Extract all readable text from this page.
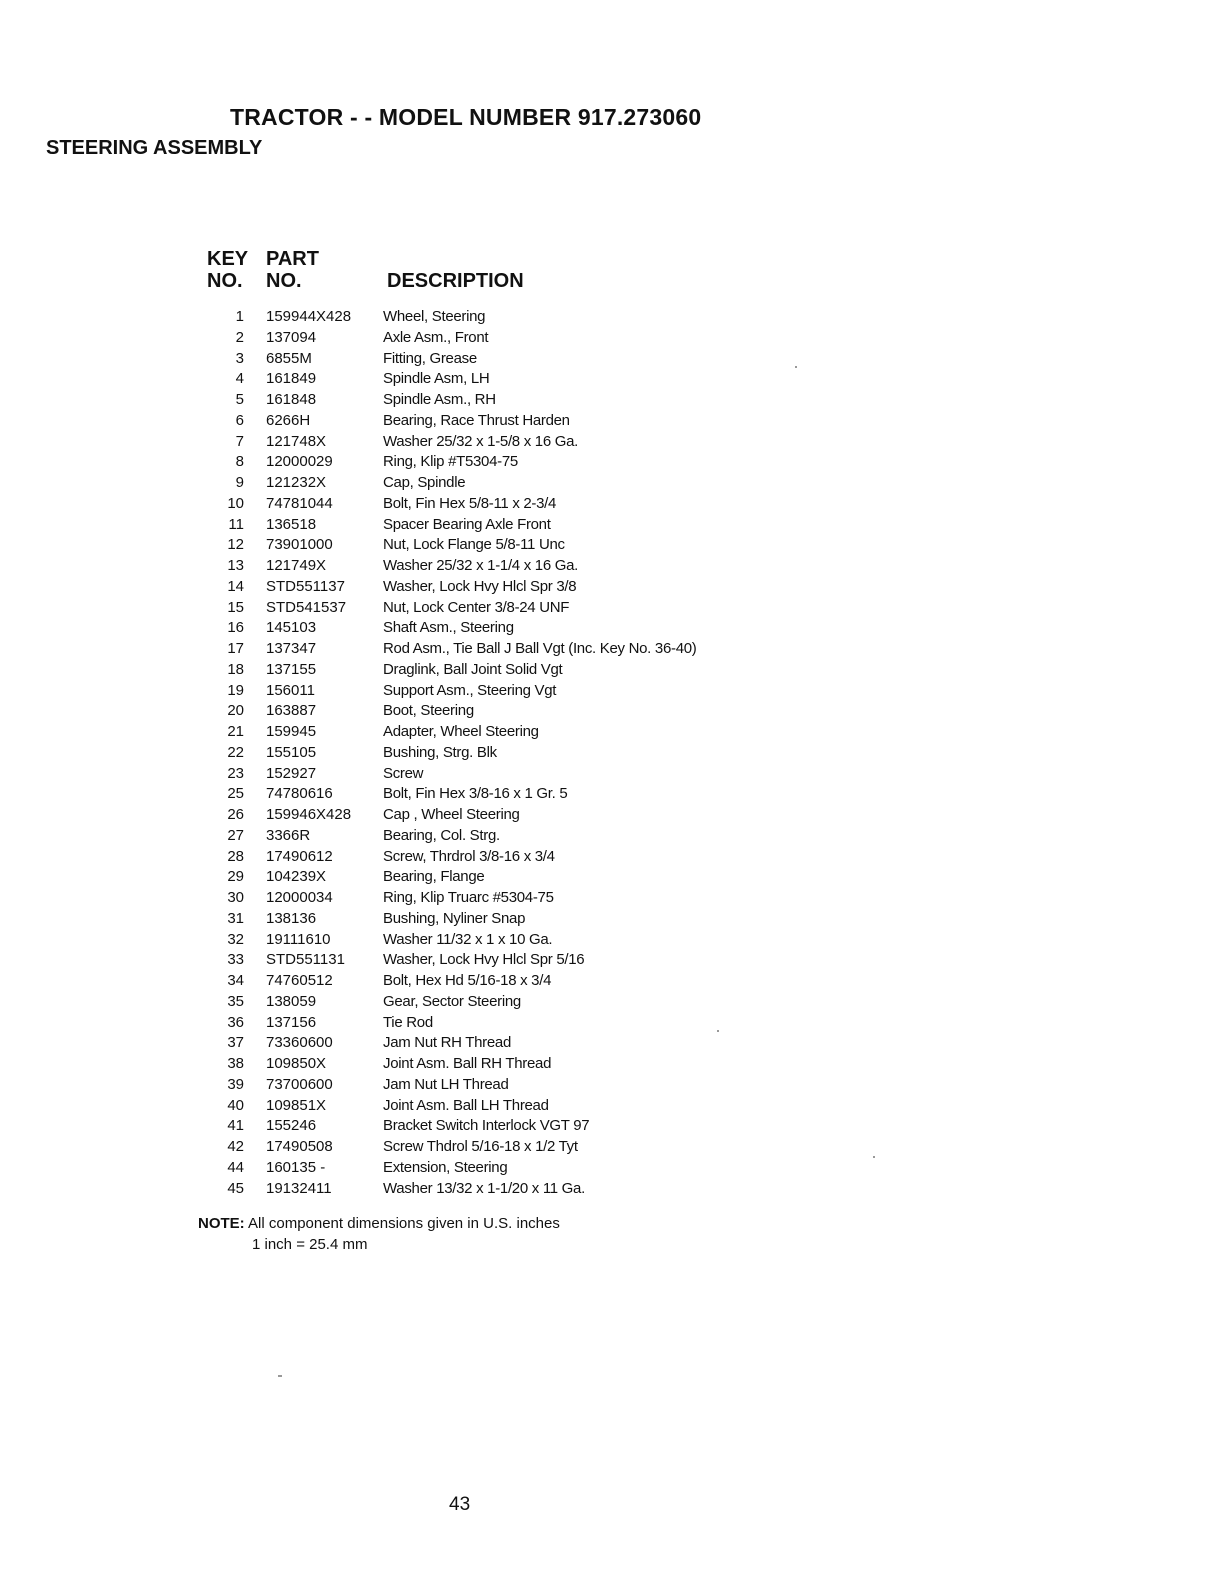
TRACTOR - - MODEL NUMBER 917.273060
STEERING ASSEMBLY
KEY
NO.
PART
NO.	DESCRIPTION
1 159944X428 Wheel, Steering
2 137094	Axle Asm., Front
3 6855M	Fitting, Grease
4 161849	Spindle Asm, LH
5 161848	Spindle Asm., RH
6 6266H	Bearing, Race Thrust Harden
7 121748X	Washer 25/32 x 1-5/8 x 16 Ga.
8 12000029	Ring, Klip #T5304-75
9 121232X	Cap, Spindle
10 74781044	Bolt, Fin Hex 5/8-11 x 2-3/4
11 136518	Spacer Bearing Axle Front
12 73901000	Nut, Lock Flange 5/8-11 Unc
13 121749X	Washer 25/32 x 1-1/4 x 16 Ga.
14 STD551137	Washer, Lock Hvy Hlcl Spr 3/8
15 STD541537 Nut, Lock Center 3/8-24 UNF
16 145103	Shaft Asm., Steering
17 137347	Rod Asm., Tie Ball J Ball Vgt (Inc. Key No. 36-40)
18 137155	Draglink, Ball Joint Solid Vgt
19 156011	Support Asm., Steering Vgt
20 163887	Boot, Steering
21 159945	Adapter, Wheel Steering
22 155105	Bushing, Strg. Blk
23 152927	Screw
25 74780616	Bolt, Fin Hex 3/8-16 x 1 Gr. 5
26 159946X428 Cap , Wheel Steering
27 3366R	Bearing, Col. Strg.
28 17490612	Screw, Thrdrol 3/8-16 x 3/4
29 104239X	Bearing, Flange
30 12000034	Ring, Klip Truarc #5304-75
31 138136	Bushing, Nyliner Snap
32 19111610	Washer 11/32 x 1 x 10 Ga.
33 STD551131	Washer, Lock Hvy Hlcl Spr 5/16
34 74760512	Bolt, Hex Hd 5/16-18 x 3/4
35 138059	Gear, Sector Steering
36 137156	Tie Rod
37 73360600	Jam Nut RH Thread
38 109850X	Joint Asm. Ball RH Thread
39 73700600	Jam Nut LH Thread
40 109851X	Joint Asm. Ball LH Thread
41 155246	Bracket Switch Interlock VGT 97
42 17490508	Screw Thdrol 5/16-18 x 1/2 Tyt
44 160135 -	Extension, Steering
45 19132411	Washer 13/32 x 1-1/20 x 11 Ga.
NOTE: All component dimensions given in U.S. inches
1 inch = 25.4 mm
43
